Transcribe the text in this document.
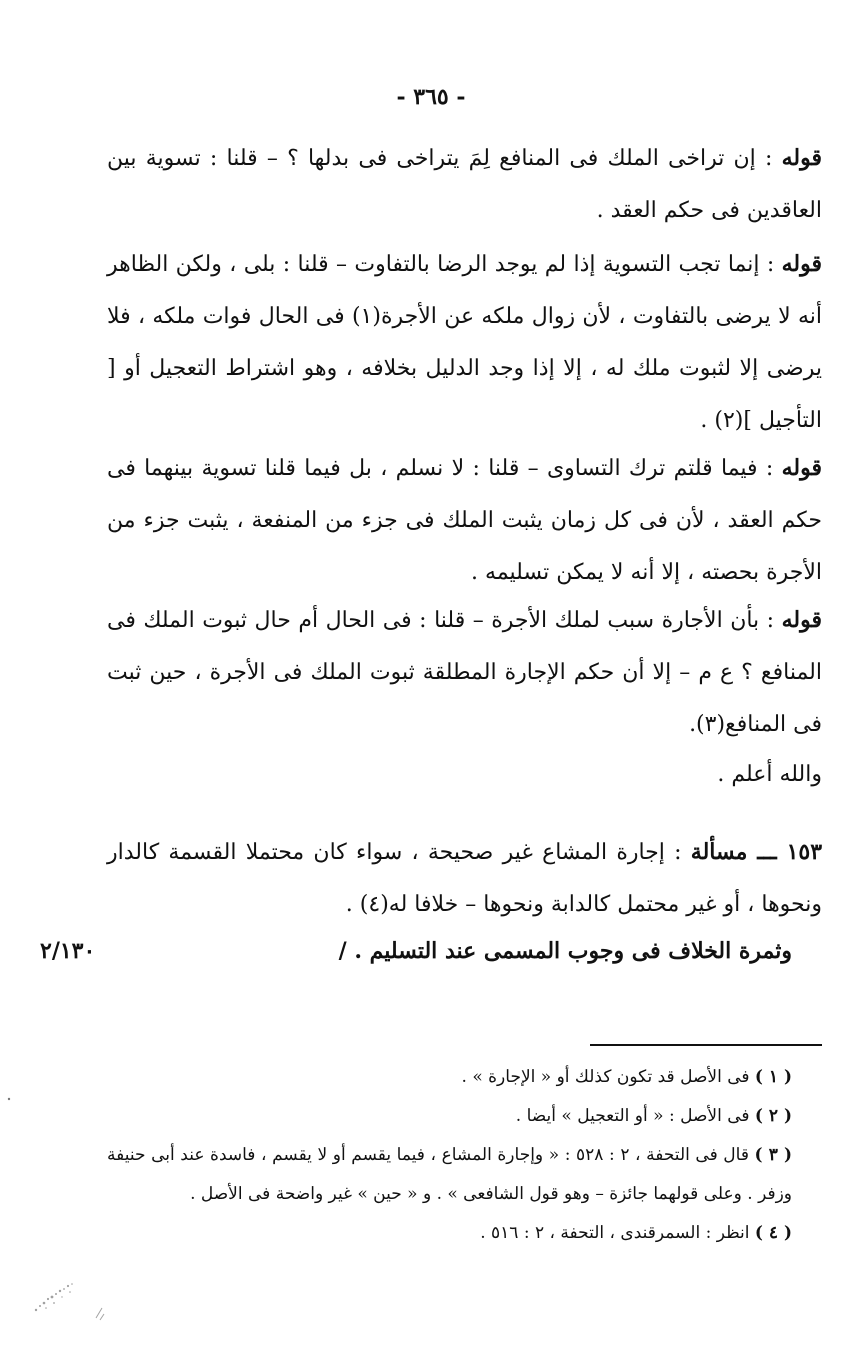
- ٣٦٥ -

قوله : إن تراخى الملك فى المنافع لِمَ يتراخى فى بدلها ؟ – قلنا : تسوية بين العاقدين فى حكم العقد .

قوله : إنما تجب التسوية إذا لم يوجد الرضا بالتفاوت – قلنا : بلى ، ولكن الظاهر أنه لا يرضى بالتفاوت ، لأن زوال ملكه عن الأجرة(١) فى الحال فوات ملكه ، فلا يرضى إلا لثبوت ملك له ، إلا إذا وجد الدليل بخلافه ، وهو اشتراط التعجيل أو [ التأجيل ](٢) .

قوله : فيما قلتم ترك التساوى – قلنا : لا نسلم ، بل فيما قلنا تسوية بينهما فى حكم العقد ، لأن فى كل زمان يثبت الملك فى جزء من المنفعة ، يثبت جزء من الأجرة بحصته ، إلا أنه لا يمكن تسليمه .

قوله : بأن الأجارة سبب لملك الأجرة – قلنا : فى الحال أم حال ثبوت الملك فى المنافع ؟ ع م – إلا أن حكم الإجارة المطلقة ثبوت الملك فى الأجرة ، حين ثبت فى المنافع(٣).

والله أعلم .

١٥٣ ـــ مسألة : إجارة المشاع غير صحيحة ، سواء كان محتملا القسمة كالدار ونحوها ، أو غير محتمل كالدابة ونحوها – خلافا له(٤) .

وثمرة الخلاف فى وجوب المسمى عند التسليم . /
٢/١٣٠

( ١ ) فى الأصل قد تكون كذلك أو « الإجارة » .

( ٢ ) فى الأصل : « أو التعجيل » أيضا .

( ٣ ) قال فى التحفة ، ٢ : ٥٢٨ : « وإجارة المشاع ، فيما يقسم أو لا يقسم ، فاسدة عند أبى حنيفة وزفر . وعلى قولهما جائزة – وهو قول الشافعى » . و « حين » غير واضحة فى الأصل .

( ٤ ) انظر : السمرقندى ، التحفة ، ٢ : ٥١٦ .
